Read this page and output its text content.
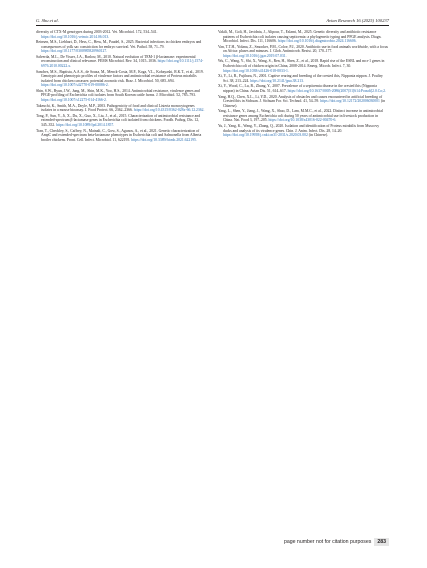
G. Shu et al.	Avian Research 16 (2025) 100237

diversity of CTX-M genotypes during 2003-2012. Vet. Microbiol. 172, 534–541. https://doi.org/10.1016/j.vetmic.2014.06.013.

Reinsen, M.S., Liebhart, D., Hess, C., Hess, M., Paudel, S., 2025. Bacterial infections in chicken embryos and consequences of yolk sac constriction for embryo survival. Vet. Pathol. 58, 71–79. https://doi.org/10.1177/0300985820960127.

Salverda, M.L., De Visser, J.A., Barlow, M., 2010. Natural evolution of TEM-1 β-lactamase: experimental reconstruction and clinical relevance. FEMS Microbiol. Rev. 34, 1015–1036. https://doi.org/10.1111/j.1574-6976.2010.00222.x.

Sanches, M.S., Baptista, A.A.S., de Souza, M., Menck-Costa, M.F., Koga, V.L., Kobayashi, R.K.T., et al., 2019. Genotypic and phenotypic profiles of virulence factors and antimicrobial resistance of Proteus mirabilis isolated from chicken carcasses: potential zoonotic risk. Braz. J. Microbiol. 50, 685–694. https://doi.org/10.1007/s42770-019-00086-2.

Shin, S.W., Byun, J.W., Jung, M., Shin, M.K., Yoo, H.S., 2014. Antimicrobial resistance, virulence genes and PFGE-profiling of Escherichia coli isolates from South Korean cattle farms. J. Microbiol. 52, 785–793. https://doi.org/10.1007/s12275-014-4166-2.

Takeuchi, K., Smith, M.A., Doyle, M.P., 2003. Pathogenicity of food and clinical Listeria monocytogenes isolates in a mouse bioassay. J. Food Protect. 66, 2362–2366. https://doi.org/10.4315/0362-028x-66.12.2362.

Tong, P., Sun, Y., Ji, X., Du, X., Guo, X., Liu, J., et al., 2015. Characterization of antimicrobial resistance and extended-spectrum β-lactamase genes in Escherichia coli isolated from chickens. Foodb. Pathog. Dis. 12, 345–352. https://doi.org/10.1089/fpd.2014.1857.

Tran, T., Checkley, S., Caffrey, N., Mainali, C., Gow, S., Agunos, A., et al., 2021. Genetic characterization of AmpC and extended-spectrum beta-lactamase phenotypes in Escherichia coli and Salmonella from Alberta broiler chickens. Front. Cell. Infect. Microbiol. 11, 622195. https://doi.org/10.3389/fcimb.2021.622195.

Vakili, M., Goli, H., Javidnia, J., Alipour, T., Eslami, M., 2025. Genetic diversity and antibiotic resistance patterns of Escherichia coli isolates causing septicemia: a phylogenetic typing and PFGE analysis. Diagn. Microbiol. Infect. Dis. 111, 116606. https://doi.org/10.1016/j.diagmicrobio.2024.116606.

Van, T.T.H., Yidana, Z., Smooker, P.M., Coloe, P.J., 2020. Antibiotic use in food animals worldwide, with a focus on Africa: pluses and minuses. J. Glob. Antimicrob. Resist. 20, 170–177. https://doi.org/10.1016/j.jgar.2019.07.031.

Wu, C., Wang, Y., Shi, X., Wang, S., Ren, H., Shen, Z., et al., 2018. Rapid rise of the ESBL and mcr-1 genes in Escherichia coli of chicken origin in China, 2008-2014. Emerg. Microb. Infect. 7, 30. https://doi.org/10.1038/s41426-018-0033-1.

Xi, Y., Li, B., Fujihara, N., 2001. Captive rearing and breeding of the crested ibis, Nipponia nippon. J. Poultry Sci. 38, 213–224. https://doi.org/10.2141/jpsa.38.213.

Xi, Y., Wood, C., Lu, B., Zhang, Y., 2007. Prevalence of a septicemia disease in the crested ibis (Nipponia nippon) in China. Avian Dis. 51, 614–617. https://doi.org/10.1637/0005-2086(2007)51[614:Poasdi]2.0.Co;2.

Yang, H.Q., Chen, X.L., Li, Y.D., 2020. Analysis of obstacles and causes encountered in artificial breeding of Crested ibis in Sichuan. J. Sichuan For. Sci. Technol. 41, 54–59. https://doi.org/10.12172/202006030001 (in Chinese).

Yang, L., Shen, Y., Jiang, J., Wang, X., Shao, D., Lam, M.M.C., et al., 2022. Distinct increase in antimicrobial resistance genes among Escherichia coli during 50 years of antimicrobial use in livestock production in China. Nat. Food 3, 197–205. https://doi.org/10.1038/s43016-022-00470-6.

Yu, J., Yang, K., Wang, Y., Zhang, Q., 2020. Isolation and identification of Proteus mirabilis from Muscovy ducks and analysis of its virulence genes. Chin. J. Anim. Infect. Dis. 28, 14–20. https://doi.org/10.19958/j.cnki.cn31-2031/s.2020.03.002 (in Chinese).

page number not for citation purposes	283
